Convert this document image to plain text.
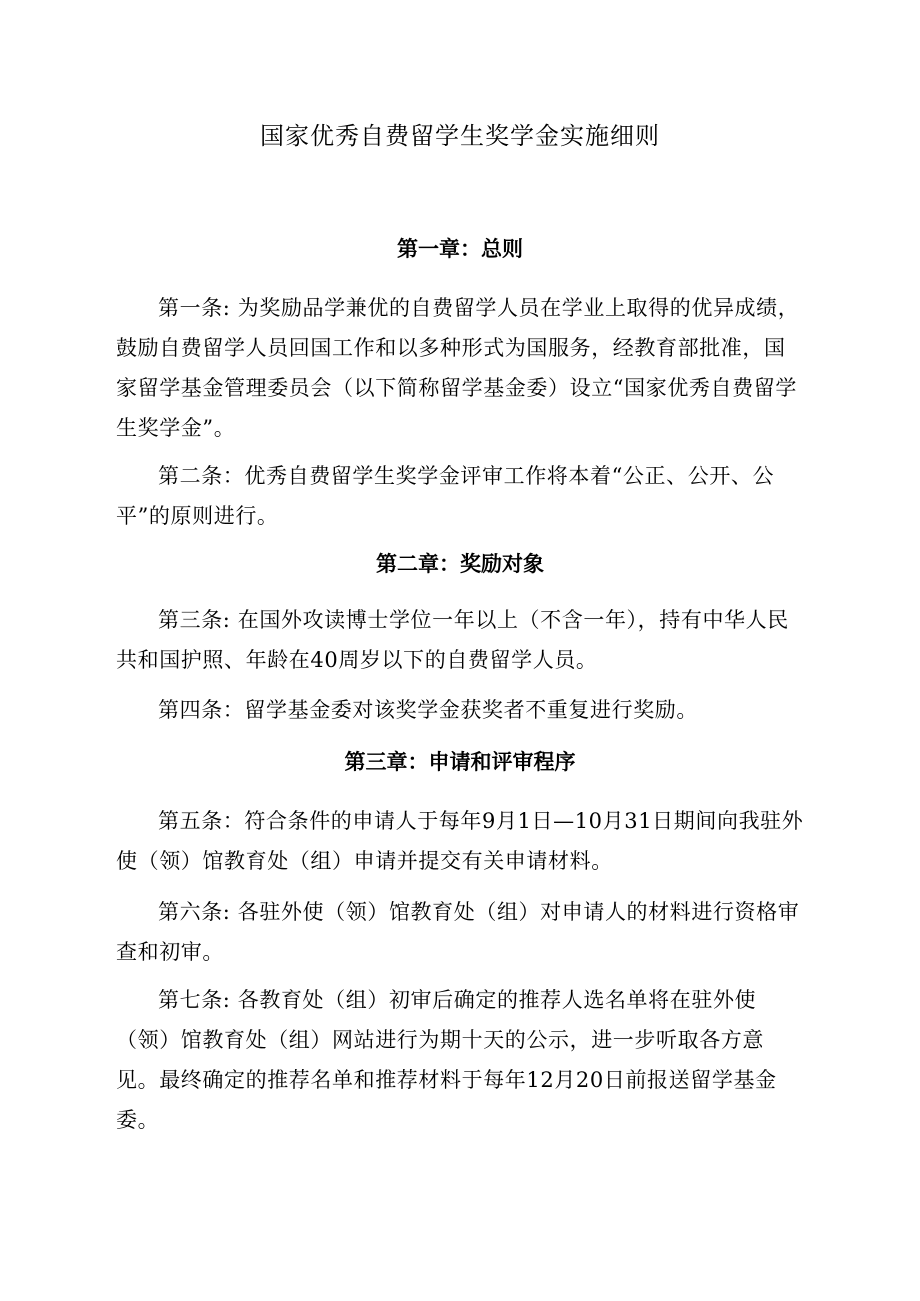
国家优秀自费留学生奖学金实施细则
第一章：总则

第一条: 为奖励品学兼优的自费留学人员在学业上取得的优异成绩，鼓励自费留学人员回国工作和以多种形式为国服务，经教育部批准，国家留学基金管理委员会（以下简称留学基金委）设立“国家优秀自费留学生奖学金”。

第二条：优秀自费留学生奖学金评审工作将本着“公正、公开、公平”的原则进行。

第二章：奖励对象

第三条: 在国外攻读博士学位一年以上（不含一年），持有中华人民共和国护照、年龄在40周岁以下的自费留学人员。

第四条：留学基金委对该奖学金获奖者不重复进行奖励。

第三章：申请和评审程序

第五条：符合条件的申请人于每年9月1日—10月31日期间向我驻外使（领）馆教育处（组）申请并提交有关申请材料。

第六条: 各驻外使（领）馆教育处（组）对申请人的材料进行资格审查和初审。

第七条: 各教育处（组）初审后确定的推荐人选名单将在驻外使（领）馆教育处（组）网站进行为期十天的公示，进一步听取各方意见。最终确定的推荐名单和推荐材料于每年12月20日前报送留学基金委。
